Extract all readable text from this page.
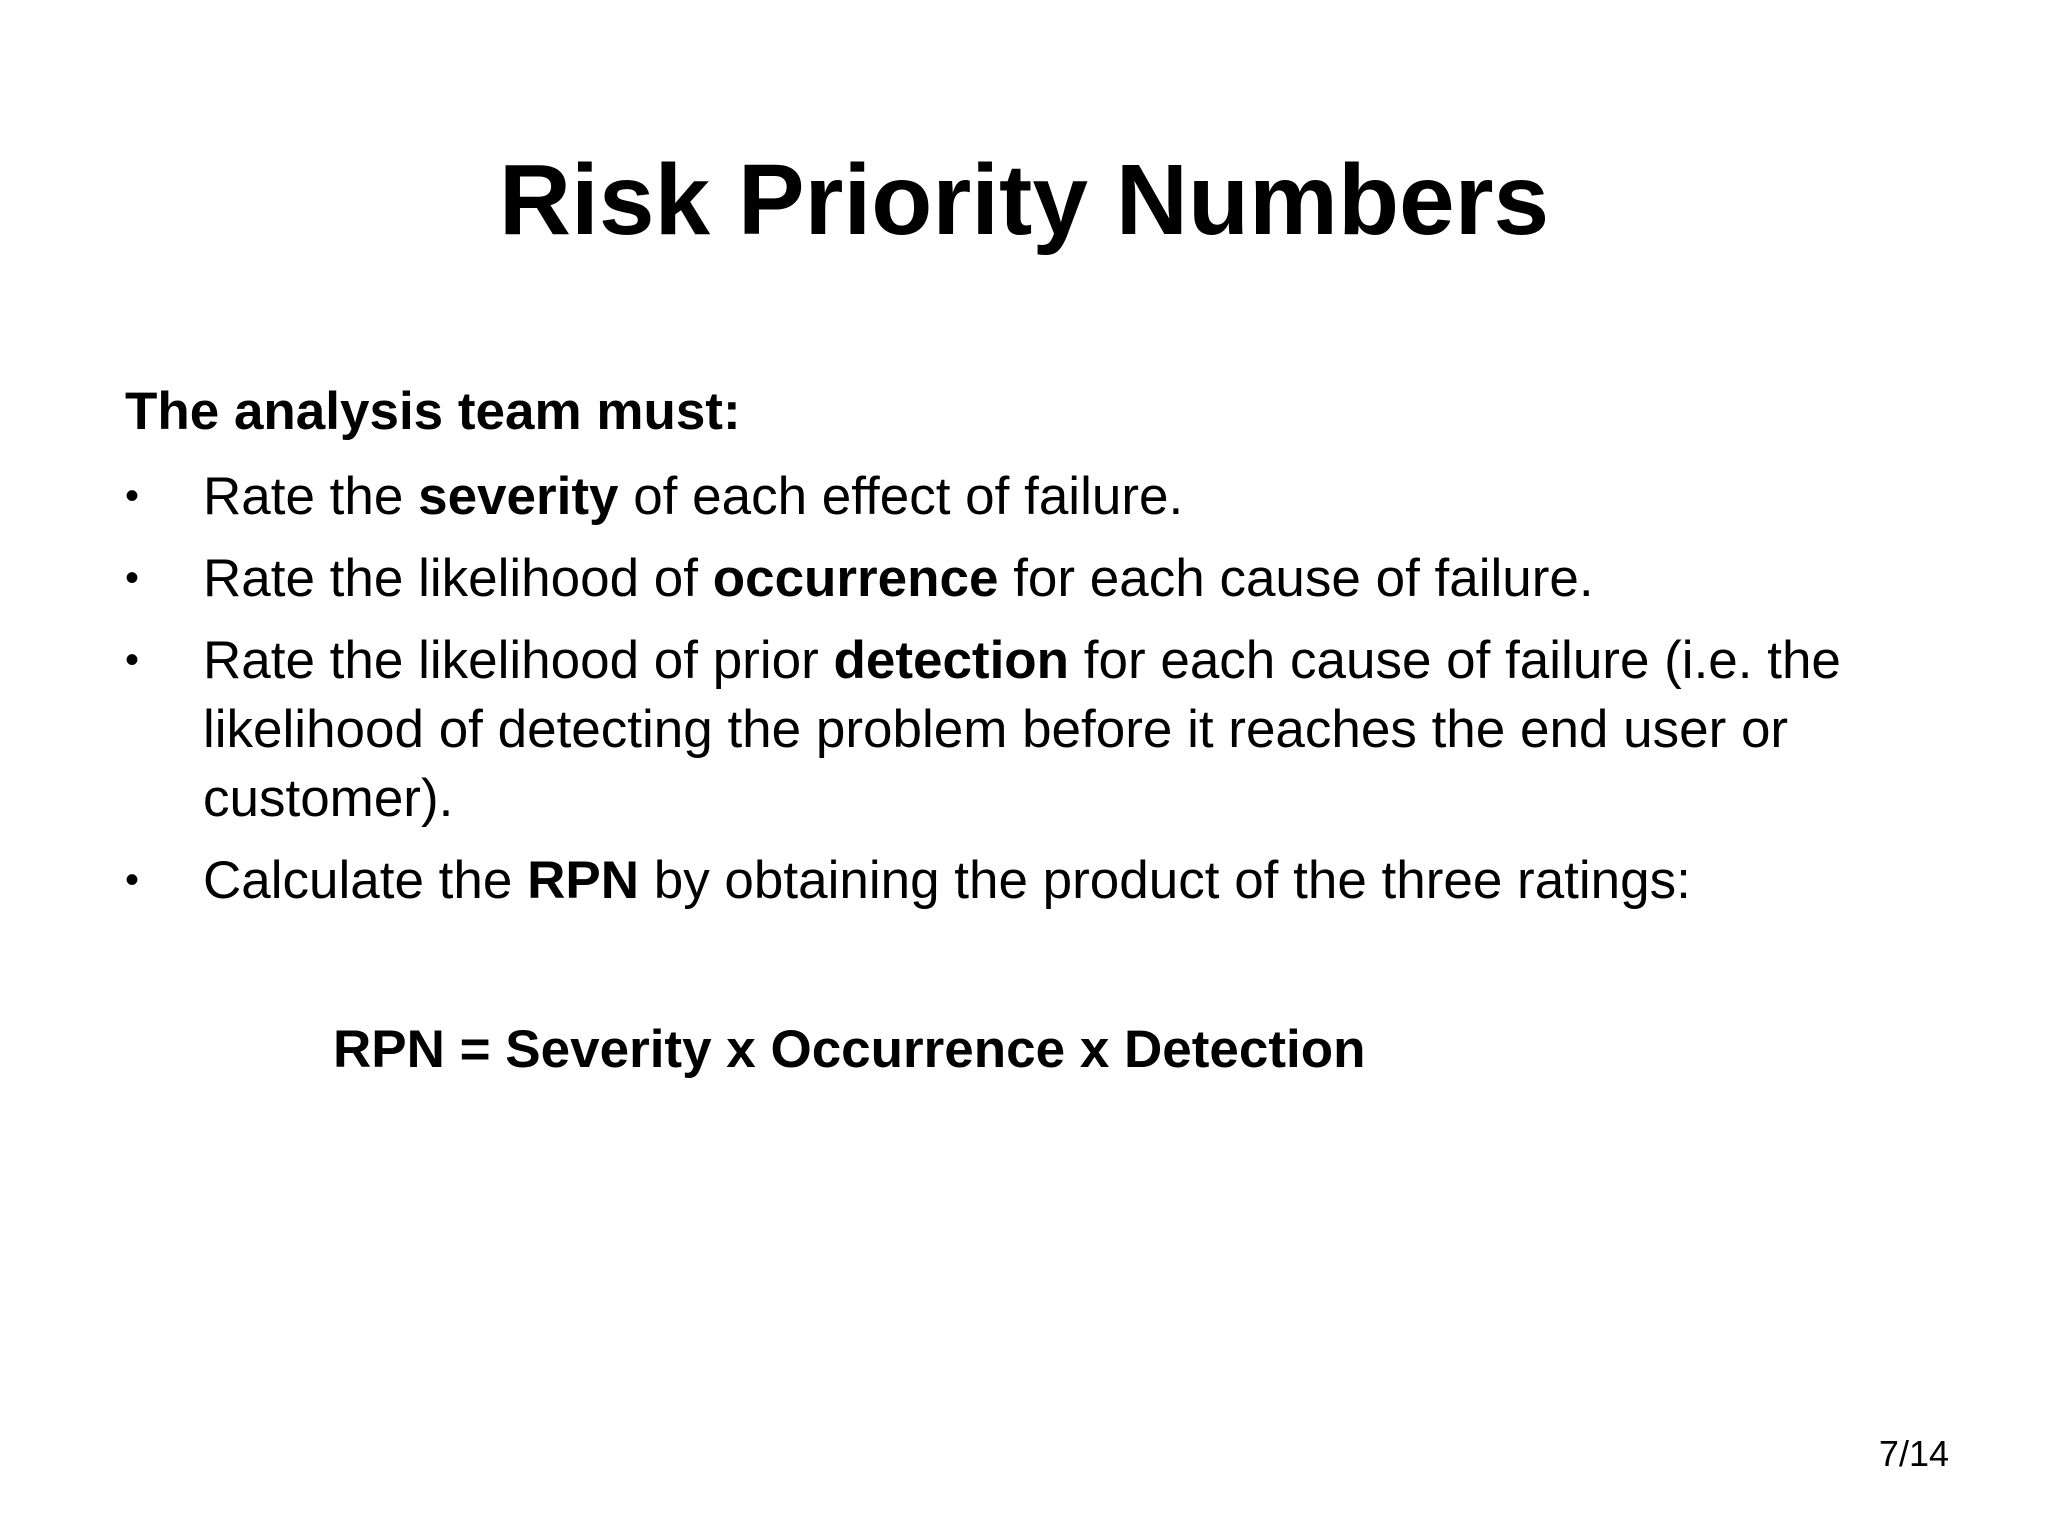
Risk Priority Numbers

The analysis team must:

• Rate the severity of each effect of failure.
• Rate the likelihood of occurrence for each cause of failure.
• Rate the likelihood of prior detection for each cause of failure (i.e. the likelihood of detecting the problem before it reaches the end user or customer).
• Calculate the RPN by obtaining the product of the three ratings:

RPN = Severity x Occurrence x Detection

7/14
